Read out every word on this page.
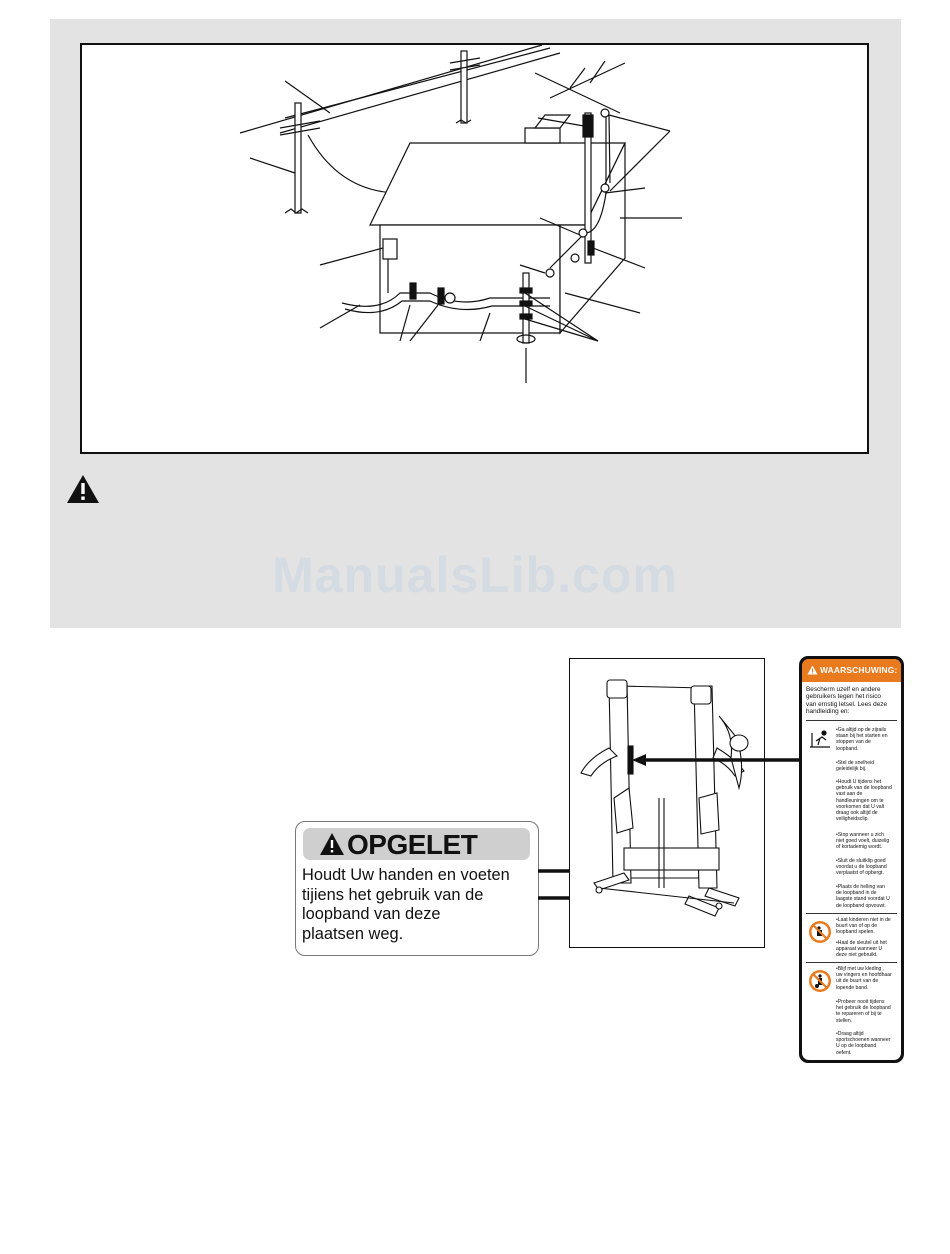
ManualsLib.com
OPGELET
Houdt Uw handen en voeten
tijiens het gebruik van de
loopband van deze
plaatsen weg.
WAARSCHUWING:
Bescherm uzelf en andere
gebruikers tegen het risico
van ernstig letsel. Lees deze
handleiding en:
•Ga altijd op de zijrails
staan bij het starten en
stoppen van de
loopband.
•Stel de snelheid
geleidelijk bij.
•Houdt U tijdens het
gebruik van de loopband
vast aan de
handleuningen om te
voorkomen dat U valt
draag ook altijd de
veiligheidsclip.
•Stop wanneer u zich
niet goed voelt, duizelig
of kortademig wordt.
•Sluit de sluitklip goed
voordat u de loopband
verplaatst of opbergt.
•Plaats de helling van
de loopband in de
laagste stand voordat U
de loopband opvouwt.
•Laat kinderen niet in de
buurt van of op de
loopband spelen.
•Haal de sleutel uit het
apparaat wanneer U
deze niet gebruikt.
•Blijf met uw kleding ,
uw vingers en hoofdhaar
uit de buurt van de
lopende band.
•Probeer nooit tijdens
het gebruik de loopband
te repareren of bij te
stellen.
•Draag altijd
sportschoenen wanneer
U op de loopband
oefent.
